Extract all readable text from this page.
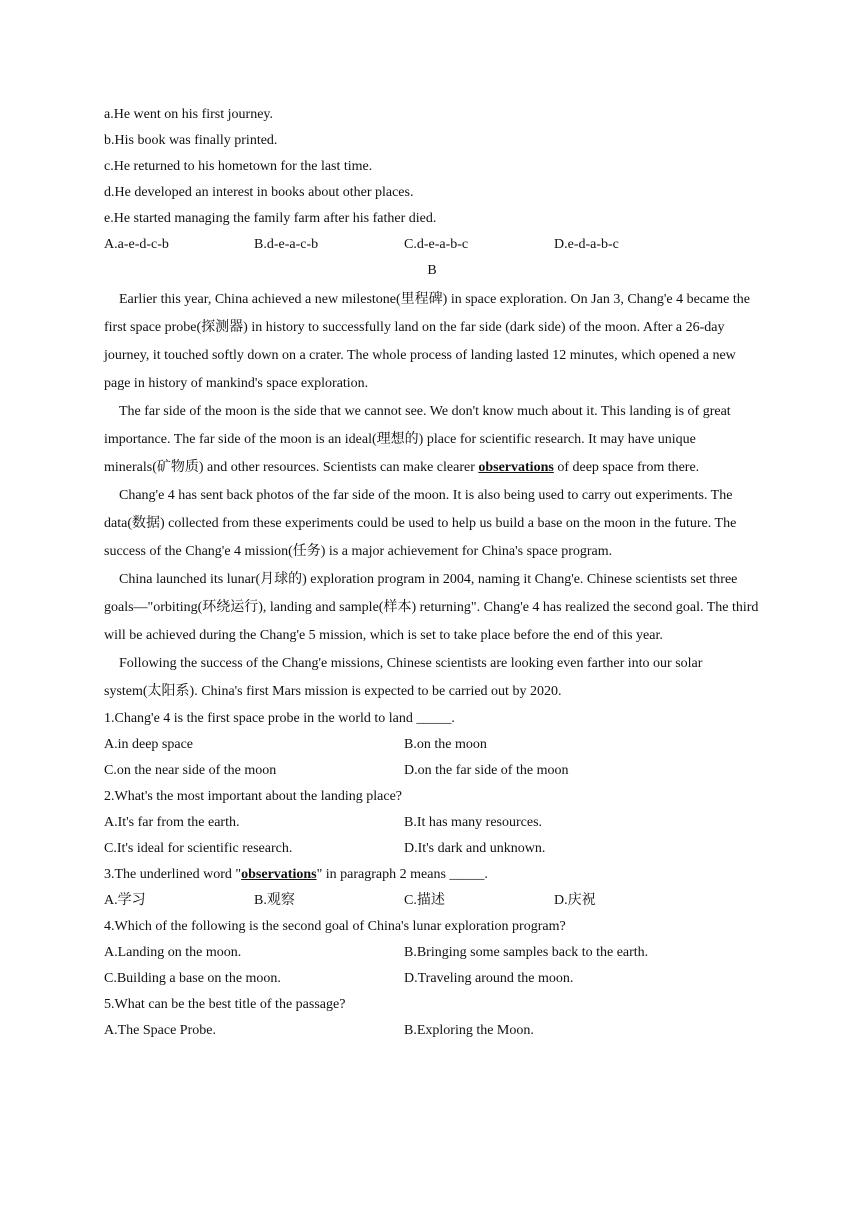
a.He went on his first journey.
b.His book was finally printed.
c.He returned to his hometown for the last time.
d.He developed an interest in books about other places.
e.He started managing the family farm after his father died.
A.a-e-d-c-b	B.d-e-a-c-b	C.d-e-a-b-c	D.e-d-a-b-c
B

Earlier this year, China achieved a new milestone(里程碑) in space exploration. On Jan 3, Chang'e 4 became the first space probe(探测器) in history to successfully land on the far side (dark side) of the moon. After a 26-day journey, it touched softly down on a crater. The whole process of landing lasted 12 minutes, which opened a new page in history of mankind's space exploration.

The far side of the moon is the side that we cannot see. We don't know much about it. This landing is of great importance. The far side of the moon is an ideal(理想的) place for scientific research. It may have unique minerals(矿物质) and other resources. Scientists can make clearer observations of deep space from there.

Chang'e 4 has sent back photos of the far side of the moon. It is also being used to carry out experiments. The data(数据) collected from these experiments could be used to help us build a base on the moon in the future. The success of the Chang'e 4 mission(任务) is a major achievement for China's space program.

China launched its lunar(月球的) exploration program in 2004, naming it Chang'e. Chinese scientists set three goals—"orbiting(环绕运行), landing and sample(样本) returning". Chang'e 4 has realized the second goal. The third will be achieved during the Chang'e 5 mission, which is set to take place before the end of this year.

Following the success of the Chang'e missions, Chinese scientists are looking even farther into our solar system(太阳系). China's first Mars mission is expected to be carried out by 2020.

1.Chang'e 4 is the first space probe in the world to land _____.
A.in deep space	B.on the moon
C.on the near side of the moon	D.on the far side of the moon
2.What's the most important about the landing place?
A.It's far from the earth.	B.It has many resources.
C.It's ideal for scientific research.	D.It's dark and unknown.
3.The underlined word "observations" in paragraph 2 means _____.
A.学习	B.观察	C.描述	D.庆祝
4.Which of the following is the second goal of China's lunar exploration program?
A.Landing on the moon.	B.Bringing some samples back to the earth.
C.Building a base on the moon.	D.Traveling around the moon.
5.What can be the best title of the passage?
A.The Space Probe.	B.Exploring the Moon.
